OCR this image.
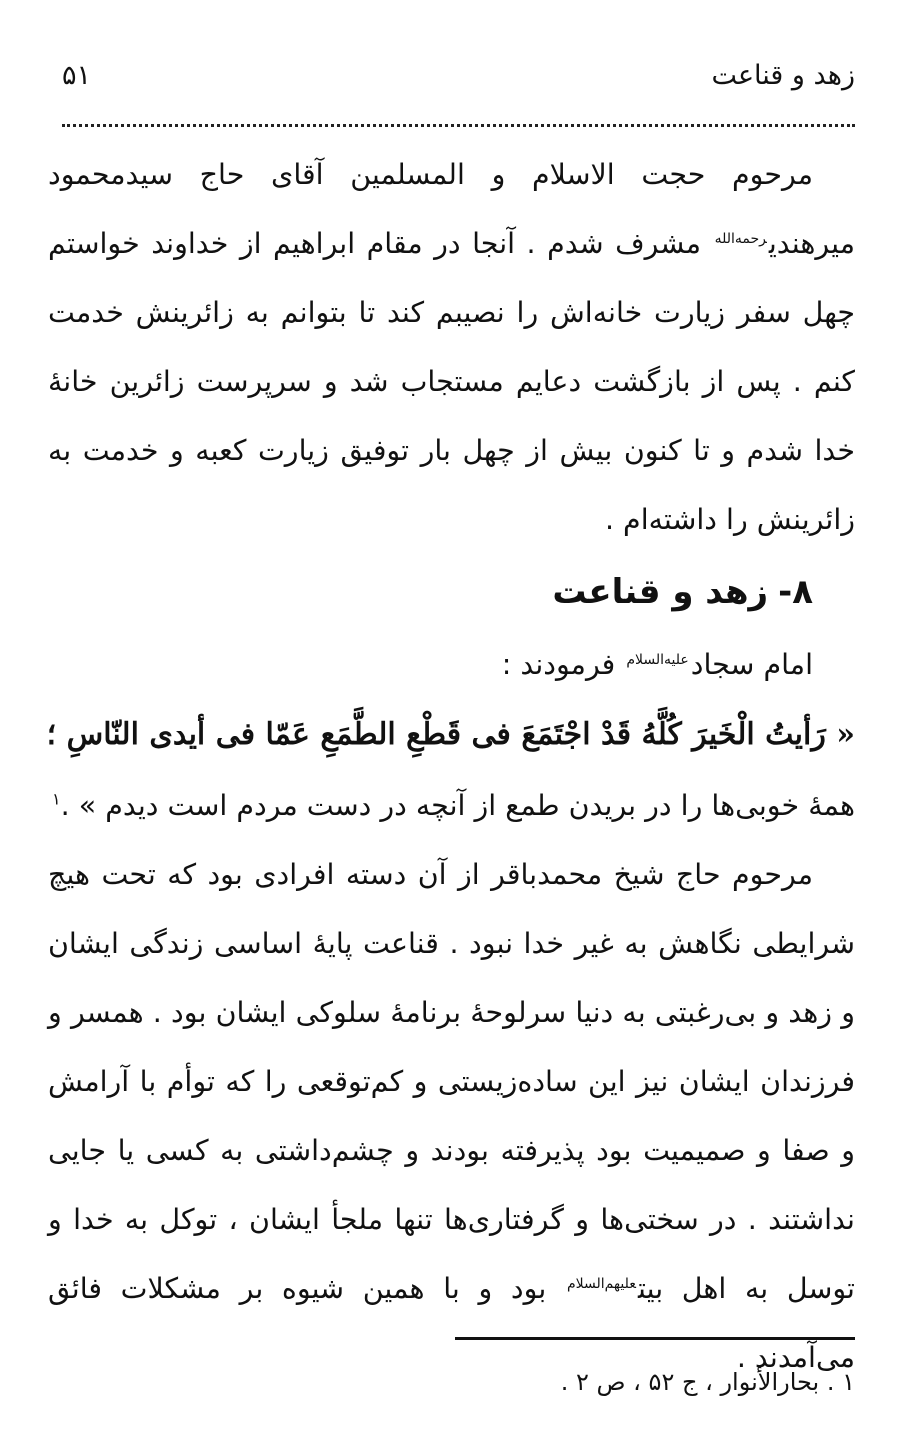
زهد و قناعت
۵۱

مرحوم حجت الاسلام و المسلمین آقای حاج سیدمحمود میرهندی$^{رحمه‌الله}$ مشرف شدم . آنجا در مقام ابراهیم از خداوند خواستم چهل سفر زیارت خانه‌اش را نصیبم کند تا بتوانم به زائرینش خدمت کنم . پس از بازگشت دعایم مستجاب شد و سرپرست زائرین خانۀ خدا شدم و تا کنون بیش از چهل بار توفیق زیارت کعبه و خدمت به زائرینش را داشته‌ام .

۸-زهد و قناعت

امام سجاد$^{علیه‌السلام}$ فرمودند :

« رَأیتُ الْخَیرَ کُلَّهُ قَدْ اجْتَمَعَ فی قَطْعِ الطَّمَعِ عَمّا فی أیدی النّاسِ ؛

همۀ خوبی‌ها را در بریدن طمع از آنچه در دست مردم است دیدم » .$^۱$

مرحوم حاج شیخ محمدباقر از آن دسته افرادی بود که تحت هیچ شرایطی نگاهش به غیر خدا نبود . قناعت پایۀ اساسی زندگی ایشان و زهد و بی‌رغبتی به دنیا سرلوحۀ برنامۀ سلوکی ایشان بود . همسر و فرزندان ایشان نیز این ساده‌زیستی و کم‌توقعی را که توأم با آرامش و صفا و صمیمیت بود پذیرفته بودند و چشم‌داشتی به کسی یا جایی نداشتند . در سختی‌ها و گرفتاری‌ها تنها ملجأ ایشان ، توکل به خدا و توسل به اهل بیت$^{علیهم‌السلام}$ بود و با همین شیوه بر مشکلات فائق می‌آمدند .

۱ . بحارالأنوار ، ج ۵۲ ، ص ۲ .
